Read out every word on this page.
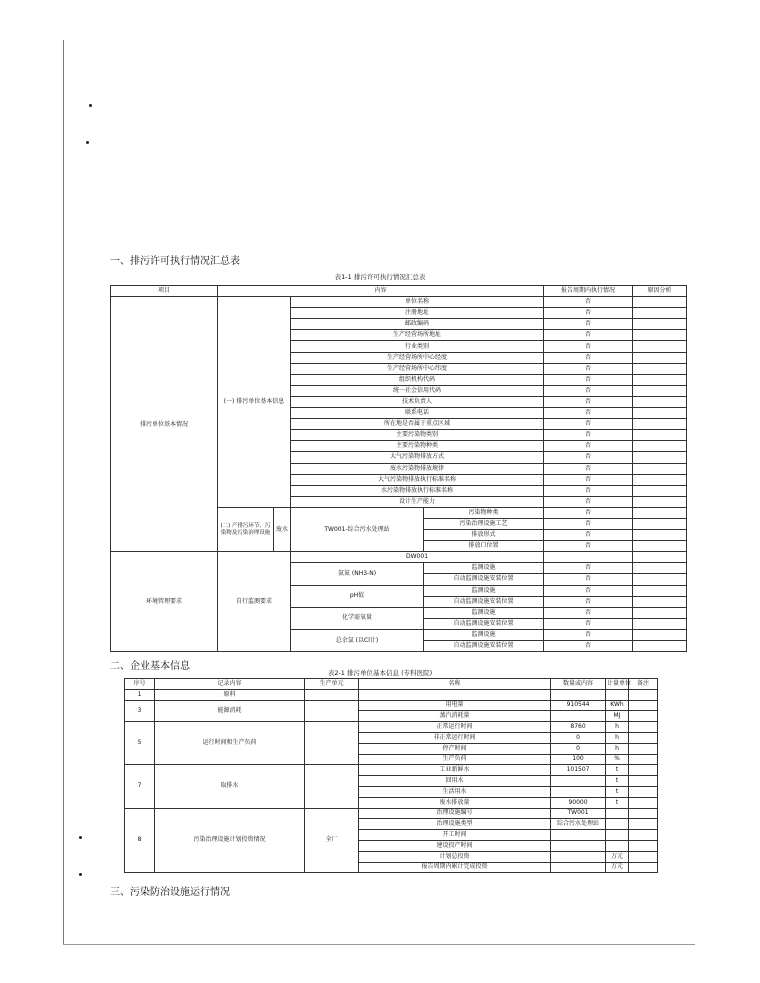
一、排污许可执行情况汇总表
表1-1 排污许可执行情况汇总表
项目	内容				报告周期内执行情况	原因分析
排污单位基本情况	(一) 排污单位基本信息		单位名称		否	
			注册地址		否	
			邮政编码		否	
			生产经营场所地址		否	
			行业类别		否	
			生产经营场所中心经度		否	
			生产经营场所中心纬度		否	
			组织机构代码		否	
			统一社会信用代码		否	
			技术负责人		否	
			联系电话		否	
			所在地是否属于重点区域		否	
			主要污染物类别		否	
			主要污染物种类		否	
			大气污染物排放方式		否	
			废水污染物排放规律		否	
			大气污染物排放执行标准名称		否	
			水污染物排放执行标准名称		否	
			设计生产能力		否	
	(二) 产排污环节、污染物及污染治理设施	废水	TW001-综合污水处理站	污染物种类	否	
				污染治理设施工艺	否	
				排放形式	否	
				排放口位置	否	
环境管理要求	自行监测要求		DW001			
			氨氮 (NH3-N)	监测设施	否	
				自动监测设施安装位置	否	
			pH值	监测设施	否	
				自动监测设施安装位置	否	
			化学需氧量	监测设施	否	
				自动监测设施安装位置	否	
			总余氯 (以Cl计)	监测设施	否	
				自动监测设施安装位置	否	
二、企业基本信息
表2-1 排污单位基本信息 (专科医院)
序号	记录内容	生产单元	名称	数量或内容	计量单位	备注
1	原料					
3	能源消耗		用电量	910544	KWh	
			蒸汽消耗量		MJ	
5	运行时间和生产负荷		正常运行时间	8760	h	
			非正常运行时间	0	h	
			停产时间	0	h	
			生产负荷	100	%	
7	取排水		工业新鲜水	101507	t	
			回用水		t	
			生活用水		t	
			废水排放量	90000	t	
8	污染治理设施计划投资情况	全厂	治理设施编号	TW001		
			治理设施类型	综合污水处理站		
			开工时间			
			建设投产时间			
			计划总投资		万元	
			报告周期内累计完成投资		万元	
三、污染防治设施运行情况
